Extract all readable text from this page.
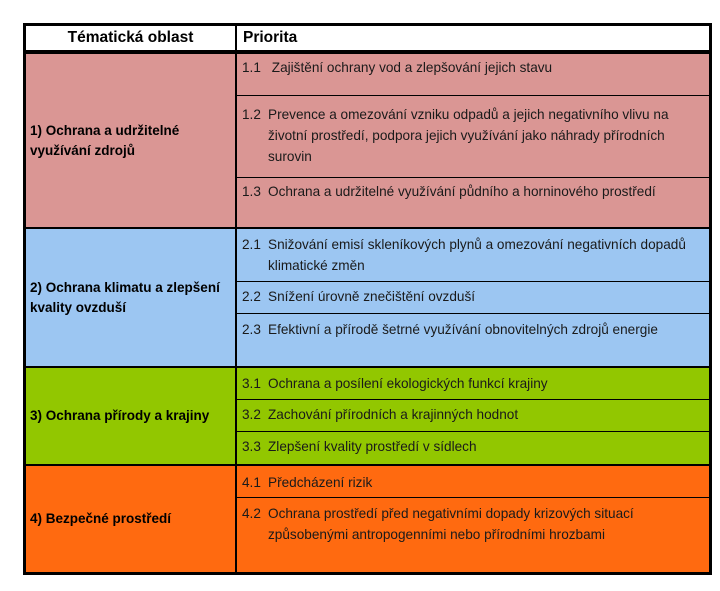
Tématická oblast	Priorita
1) Ochrana a udržitelné využívání zdrojů
1.1 Zajištění ochrany vod a zlepšování jejich stavu
1.2 Prevence a omezování vzniku odpadů a jejich negativního vlivu na životní prostředí, podpora jejich využívání jako náhrady přírodních surovin
1.3 Ochrana a udržitelné využívání půdního a horninového prostředí
2) Ochrana klimatu a zlepšení kvality ovzduší
2.1 Snižování emisí skleníkových plynů a omezování negativních dopadů klimatické změn
2.2 Snížení úrovně znečištění ovzduší
2.3 Efektivní a přírodě šetrné využívání obnovitelných zdrojů energie
3) Ochrana přírody a krajiny
3.1 Ochrana a posílení ekologických funkcí krajiny
3.2 Zachování přírodních a krajinných hodnot
3.3 Zlepšení kvality prostředí v sídlech
4) Bezpečné prostředí
4.1 Předcházení rizik
4.2 Ochrana prostředí před negativními dopady krizových situací způsobenými antropogenními nebo přírodními hrozbami
